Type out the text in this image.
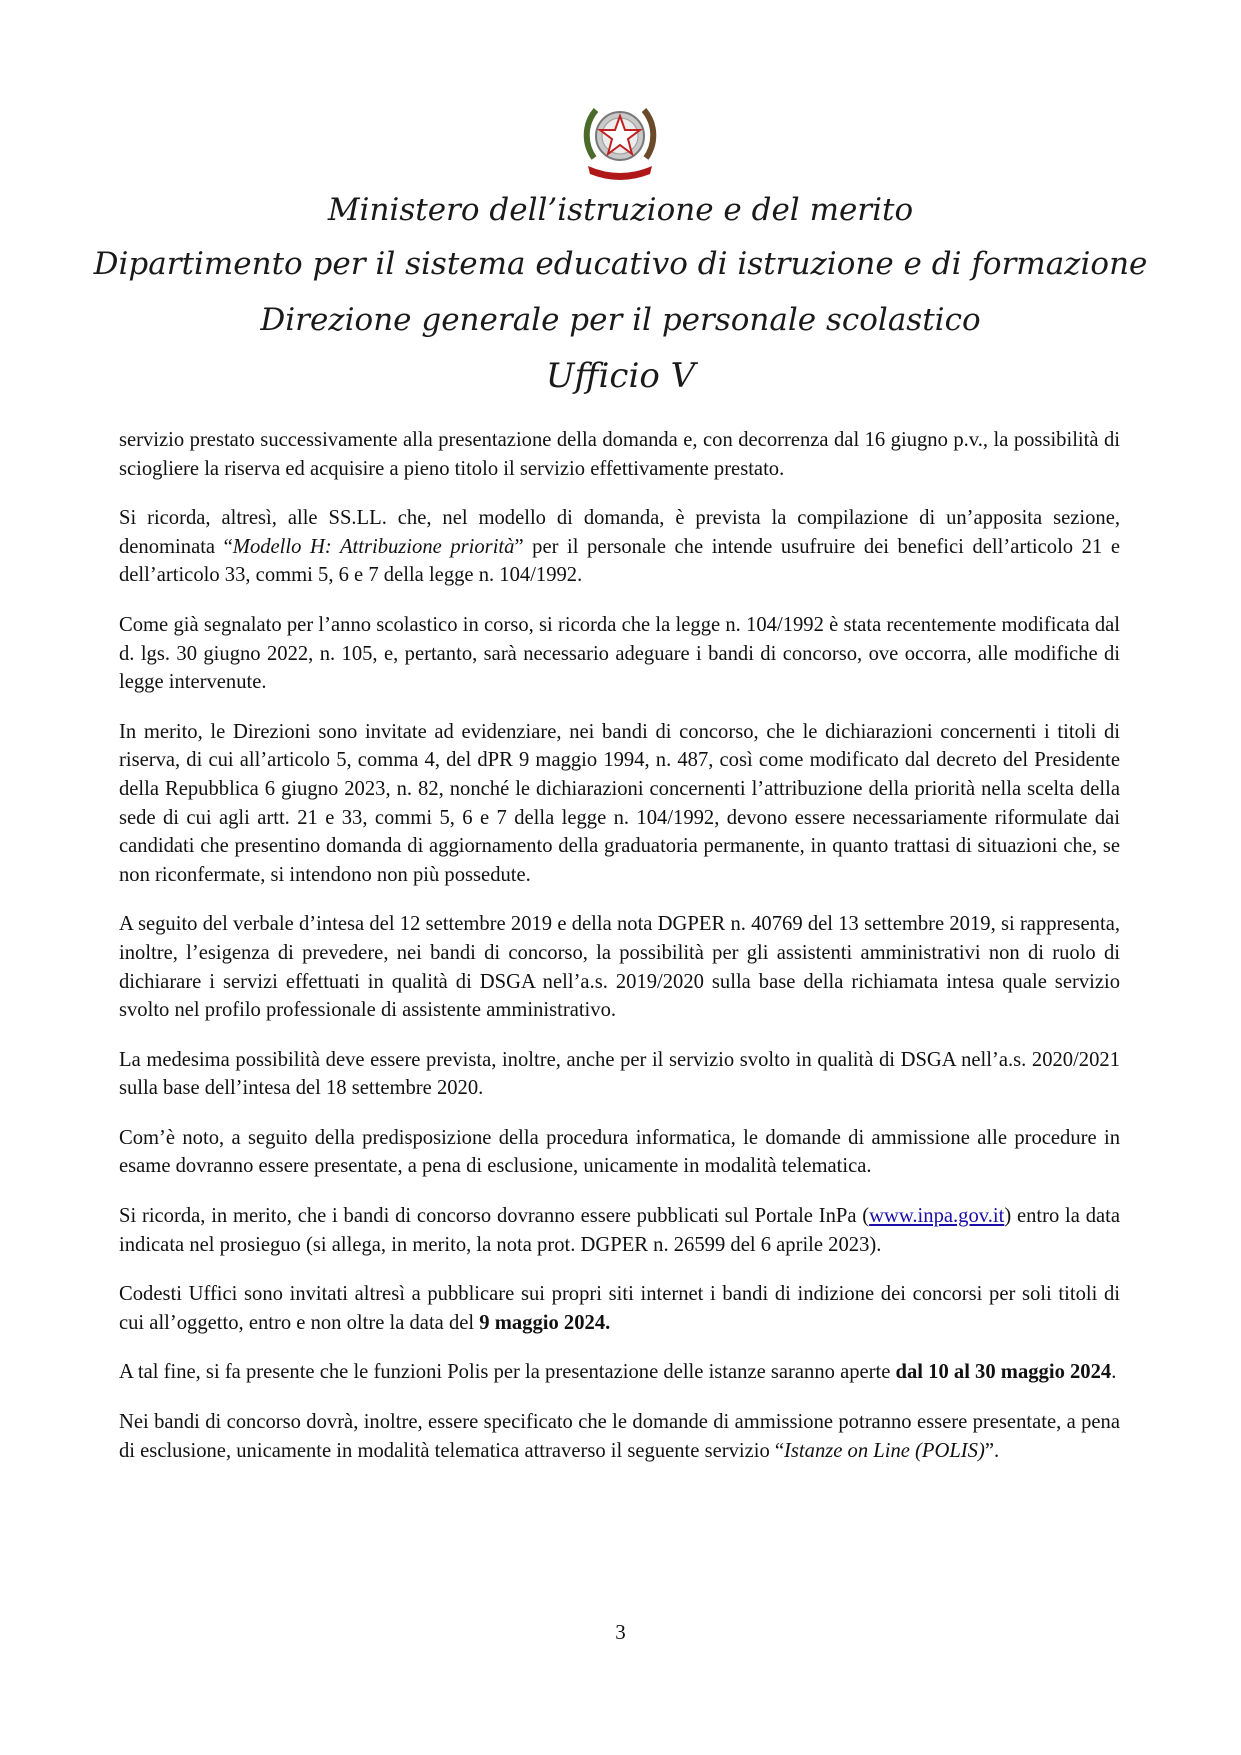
Ministero dell’istruzione e del merito
Dipartimento per il sistema educativo di istruzione e di formazione
Direzione generale per il personale scolastico
Ufficio V

servizio prestato successivamente alla presentazione della domanda e, con decorrenza dal 16 giugno p.v., la possibilità di sciogliere la riserva ed acquisire a pieno titolo il servizio effettivamente prestato.

Si ricorda, altresì, alle SS.LL. che, nel modello di domanda, è prevista la compilazione di un’apposita sezione, denominata “Modello H: Attribuzione priorità” per il personale che intende usufruire dei benefici dell’articolo 21 e dell’articolo 33, commi 5, 6 e 7 della legge n. 104/1992.

Come già segnalato per l’anno scolastico in corso, si ricorda che la legge n. 104/1992 è stata recentemente modificata dal d. lgs. 30 giugno 2022, n. 105, e, pertanto, sarà necessario adeguare i bandi di concorso, ove occorra, alle modifiche di legge intervenute.

In merito, le Direzioni sono invitate ad evidenziare, nei bandi di concorso, che le dichiarazioni concernenti i titoli di riserva, di cui all’articolo 5, comma 4, del dPR 9 maggio 1994, n. 487, così come modificato dal decreto del Presidente della Repubblica 6 giugno 2023, n. 82, nonché le dichiarazioni concernenti l’attribuzione della priorità nella scelta della sede di cui agli artt. 21 e 33, commi 5, 6 e 7 della legge n. 104/1992, devono essere necessariamente riformulate dai candidati che presentino domanda di aggiornamento della graduatoria permanente, in quanto trattasi di situazioni che, se non riconfermate, si intendono non più possedute.

A seguito del verbale d’intesa del 12 settembre 2019 e della nota DGPER n. 40769 del 13 settembre 2019, si rappresenta, inoltre, l’esigenza di prevedere, nei bandi di concorso, la possibilità per gli assistenti amministrativi non di ruolo di dichiarare i servizi effettuati in qualità di DSGA nell’a.s. 2019/2020 sulla base della richiamata intesa quale servizio svolto nel profilo professionale di assistente amministrativo.

La medesima possibilità deve essere prevista, inoltre, anche per il servizio svolto in qualità di DSGA nell’a.s. 2020/2021 sulla base dell’intesa del 18 settembre 2020.

Com’è noto, a seguito della predisposizione della procedura informatica, le domande di ammissione alle procedure in esame dovranno essere presentate, a pena di esclusione, unicamente in modalità telematica.

Si ricorda, in merito, che i bandi di concorso dovranno essere pubblicati sul Portale InPa (www.inpa.gov.it) entro la data indicata nel prosieguo (si allega, in merito, la nota prot. DGPER n. 26599 del 6 aprile 2023).

Codesti Uffici sono invitati altresì a pubblicare sui propri siti internet i bandi di indizione dei concorsi per soli titoli di cui all’oggetto, entro e non oltre la data del 9 maggio 2024.

A tal fine, si fa presente che le funzioni Polis per la presentazione delle istanze saranno aperte dal 10 al 30 maggio 2024.

Nei bandi di concorso dovrà, inoltre, essere specificato che le domande di ammissione potranno essere presentate, a pena di esclusione, unicamente in modalità telematica attraverso il seguente servizio “Istanze on Line (POLIS)”.

3
